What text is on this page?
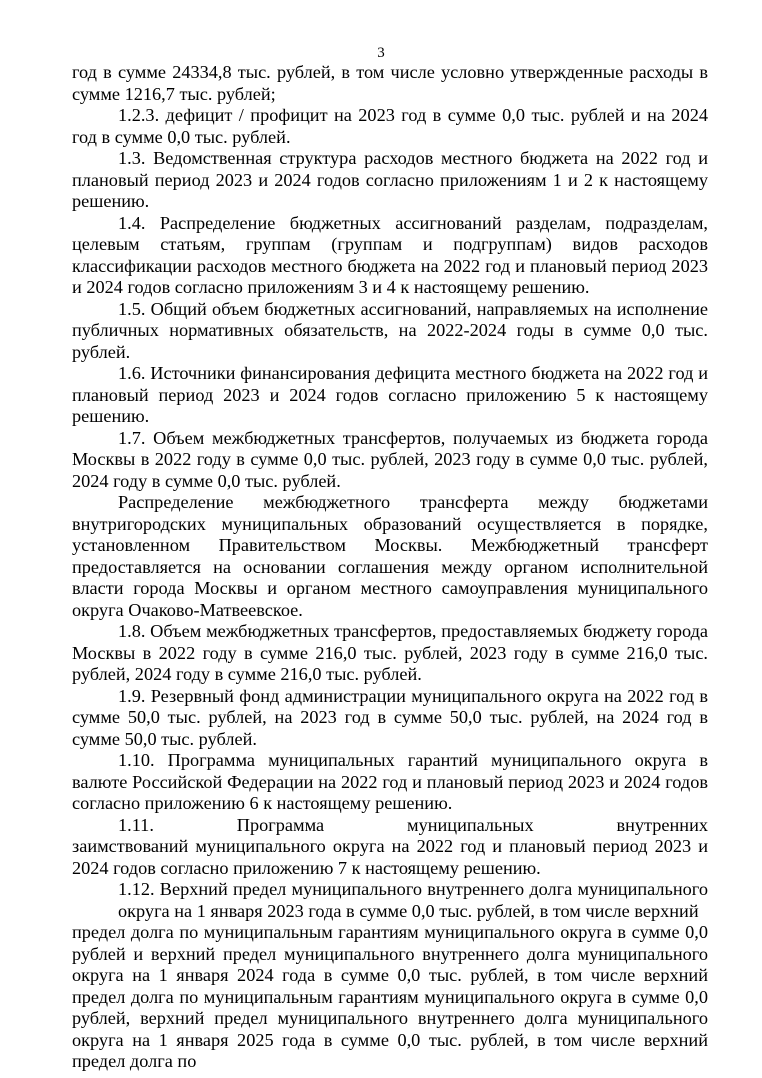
3

год в сумме 24334,8 тыс. рублей, в том числе условно утвержденные расходы в сумме 1216,7 тыс. рублей;

1.2.3. дефицит / профицит на 2023 год в сумме 0,0 тыс. рублей и на 2024 год в сумме 0,0 тыс. рублей.

1.3. Ведомственная структура расходов местного бюджета на 2022 год и плановый период 2023 и 2024 годов согласно приложениям 1 и 2 к настоящему решению.

1.4. Распределение бюджетных ассигнований разделам, подразделам, целевым статьям, группам (группам и подгруппам) видов расходов классификации расходов местного бюджета на 2022 год и плановый период 2023 и 2024 годов согласно приложениям 3 и 4 к настоящему решению.

1.5. Общий объем бюджетных ассигнований, направляемых на исполнение публичных нормативных обязательств, на 2022-2024 годы в сумме 0,0 тыс. рублей.

1.6. Источники финансирования дефицита местного бюджета на 2022 год и плановый период 2023 и 2024 годов согласно приложению 5 к настоящему решению.

1.7. Объем межбюджетных трансфертов, получаемых из бюджета города Москвы в 2022 году в сумме 0,0 тыс. рублей, 2023 году в сумме 0,0 тыс. рублей, 2024 году в сумме 0,0 тыс. рублей.

Распределение межбюджетного трансферта между бюджетами внутригородских муниципальных образований осуществляется в порядке, установленном Правительством Москвы. Межбюджетный трансферт предоставляется на основании соглашения между органом исполнительной власти города Москвы и органом местного самоуправления муниципального округа Очаково-Матвеевское.

1.8. Объем межбюджетных трансфертов, предоставляемых бюджету города Москвы в 2022 году в сумме 216,0 тыс. рублей, 2023 году в сумме 216,0 тыс. рублей, 2024 году в сумме 216,0 тыс. рублей.

1.9. Резервный фонд администрации муниципального округа на 2022 год в сумме 50,0 тыс. рублей, на 2023 год в сумме 50,0 тыс. рублей, на 2024 год в сумме 50,0 тыс. рублей.

1.10. Программа муниципальных гарантий муниципального округа в валюте Российской Федерации на 2022 год и плановый период 2023 и 2024 годов согласно приложению 6 к настоящему решению.

1.11.          Программа          муниципальных          внутренних          заимствований муниципального округа на 2022 год и плановый период 2023 и 2024 годов согласно приложению 7 к настоящему решению.

1.12. Верхний предел муниципального внутреннего долга муниципального округа на 1 января 2023 года в сумме 0,0 тыс. рублей, в том числе верхний

предел долга по муниципальным гарантиям муниципального округа в сумме 0,0 рублей и верхний предел муниципального внутреннего долга муниципального округа на 1 января 2024 года в сумме 0,0 тыс. рублей, в том числе верхний предел долга по муниципальным гарантиям муниципального округа в сумме 0,0 рублей, верхний предел муниципального внутреннего долга муниципального округа на 1 января 2025 года в сумме 0,0 тыс. рублей, в том числе верхний предел долга по
